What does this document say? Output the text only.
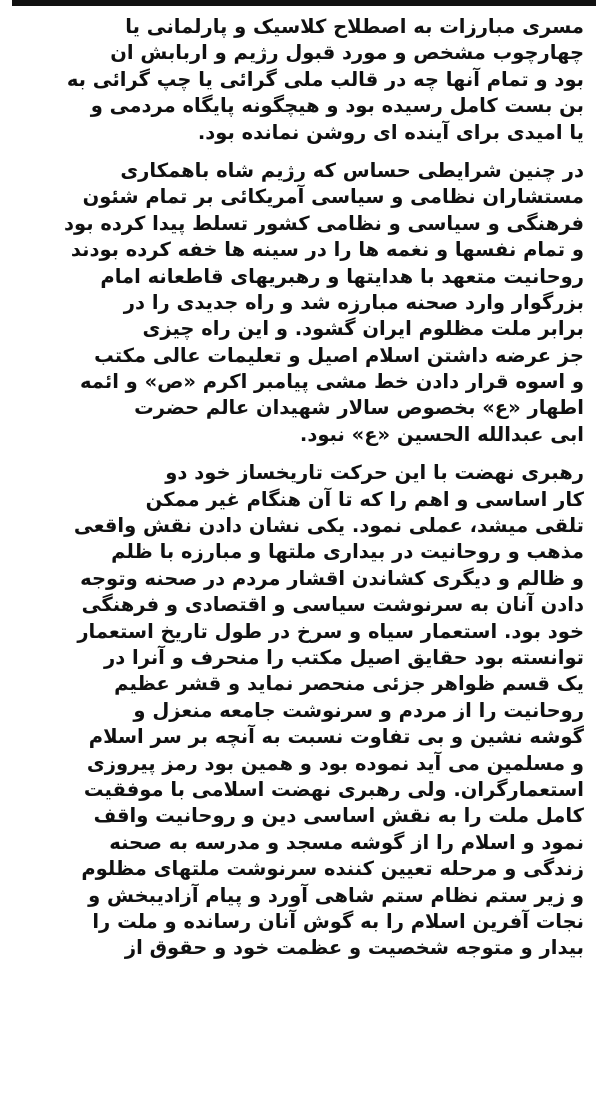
مسری مبارزات به اصطلاح کلاسیک و پارلمانی یا
چهارچوب مشخص و مورد قبول رژیم و اربابش ان
بود و تمام آنها چه در قالب ملی گرائی یا چپ گرائی به
بن بست کامل رسیده بود و هیچگونه پایگاه مردمی و
یا امیدی برای آینده ای روشن نمانده بود.
در چنین شرایطی حساس که رژیم شاه باهمکاری
مستشاران نظامی و سیاسی آمریکائی بر تمام شئون
فرهنگی و سیاسی و نظامی کشور تسلط پیدا کرده بود
و تمام نفسها و نغمه ها را در سینه ها خفه کرده بودند
روحانیت متعهد با هدایتها و رهبریهای قاطعانه امام
بزرگوار وارد صحنه مبارزه شد و راه جدیدی را در
برابر ملت مظلوم ایران گشود. و این راه چیزی
جز عرضه داشتن اسلام اصیل و تعلیمات عالی مکتب
و اسوه قرار دادن خط مشی پیامبر اکرم «ص» و ائمه
اطهار «ع» بخصوص سالار شهیدان عالم حضرت
ابی عبدالله الحسین «ع» نبود.
رهبری نهضت با این حرکت تاریخساز خود دو
کار اساسی و اهم را که تا آن هنگام غیر ممکن
تلقی میشد، عملی نمود. یکی نشان دادن نقش واقعی
مذهب و روحانیت در بیداری ملتها و مبارزه با ظلم
و ظالم و دیگری کشاندن اقشار مردم در صحنه وتوجه
دادن آنان به سرنوشت سیاسی و اقتصادی و فرهنگی
خود بود. استعمار سیاه و سرخ در طول تاریخ استعمار
توانسته بود حقایق اصیل مکتب را منحرف و آنرا در
یک قسم ظواهر جزئی منحصر نماید و قشر عظیم
روحانیت را از مردم و سرنوشت جامعه منعزل و
گوشه نشین و بی تفاوت نسبت به آنچه بر سر اسلام
و مسلمین می آید نموده بود و همین بود رمز پیروزی
استعمارگران. ولی رهبری نهضت اسلامی با موفقیت
کامل ملت را به نقش اساسی دین و روحانیت واقف
نمود و اسلام را از گوشه مسجد و مدرسه به صحنه
زندگی و مرحله تعیین کننده سرنوشت ملتهای مظلوم
و زیر ستم نظام ستم شاهی آورد و پیام آزادیبخش و
نجات آفرین اسلام را به گوش آنان رسانده و ملت را
بیدار و متوجه شخصیت و عظمت خود و حقوق از
